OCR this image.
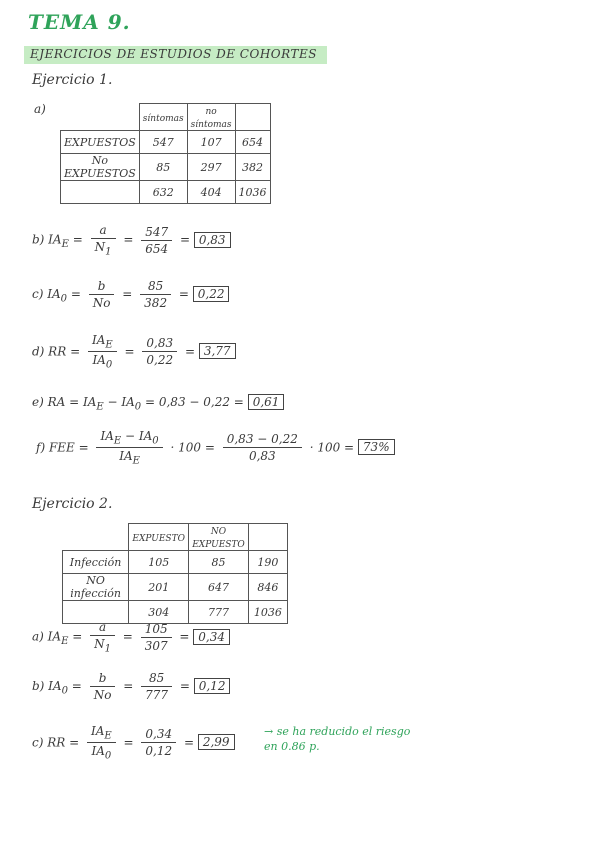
TEMA 9.
EJERCICIOS DE ESTUDIOS DE COHORTES
Ejercicio 1.
a)
	síntomas	no síntomas	
EXPUESTOS	547	107	654
No EXPUESTOS	85	297	382
	632	404	1036
b) $IA_E = \frac{a}{N_1} = \frac{547}{654} = 0,83$
c) $IA_0 = \frac{b}{No} = \frac{85}{382} = 0,22$
d) RR = $\frac{IA_E}{IA_0} = \frac{0,83}{0,22} = 3,77$
e) RA = $IA_E - IA_0 = 0,83 - 0,22 = 0,61$
f) FEE = $\frac{IA_E - IA_0}{IA_E} \cdot 100 = \frac{0,83 - 0,22}{0,83} \cdot 100 = 73\%$
Ejercicio 2.
	EXPUESTO	NO EXPUESTO	
Infección	105	85	190
NO infección	201	647	846
	304	777	1036
a) $IA_E = \frac{a}{N_1} = \frac{105}{307} = 0,34$
b) $IA_0 = \frac{b}{No} = \frac{85}{777} = 0,12$
c) RR = $\frac{IA_E}{IA_0} = \frac{0,34}{0,12} = 2,99$
→ se ha reducido el riesgo en 0.86 p.
